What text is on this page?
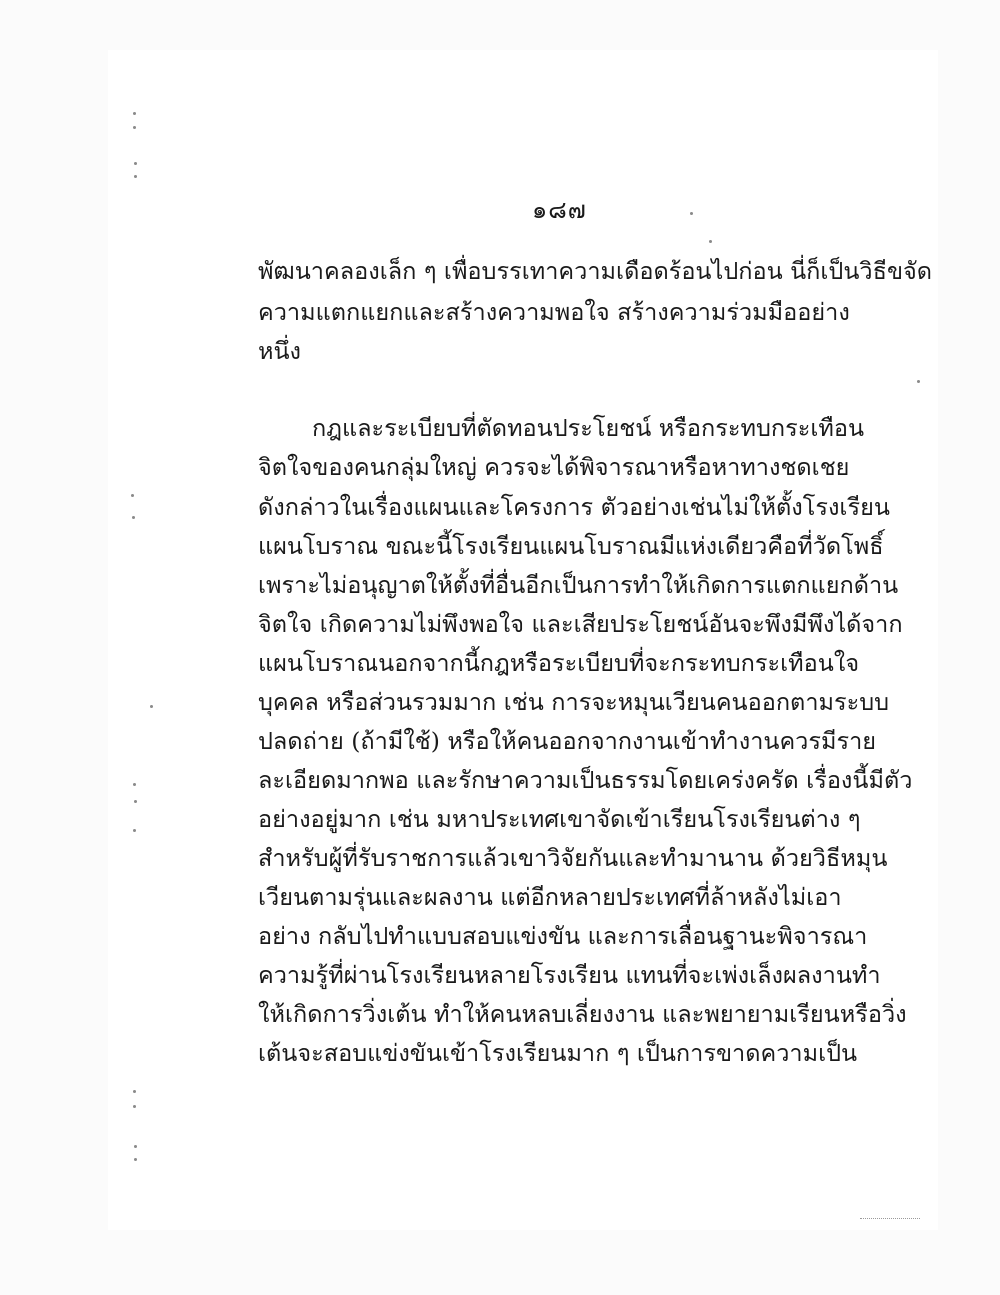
๑๘๗
พัฒนาคลองเล็ก ๆ เพื่อบรรเทาความเดือดร้อนไปก่อน นี่ก็เป็นวิธีขจัด
ความแตกแยกและสร้างความพอใจ สร้างความร่วมมืออย่าง
หนึ่ง
กฎและระเบียบที่ตัดทอนประโยชน์ หรือกระทบกระเทือน
จิตใจของคนกลุ่มใหญ่ ควรจะได้พิจารณาหรือหาทางชดเชย
ดังกล่าวในเรื่องแผนและโครงการ ตัวอย่างเช่นไม่ให้ตั้งโรงเรียน
แผนโบราณ ขณะนี้โรงเรียนแผนโบราณมีแห่งเดียวคือที่วัดโพธิ์
เพราะไม่อนุญาตให้ตั้งที่อื่นอีกเป็นการทำให้เกิดการแตกแยกด้าน
จิตใจ เกิดความไม่พึงพอใจ และเสียประโยชน์อันจะพึงมีพึงได้จาก
แผนโบราณนอกจากนี้กฎหรือระเบียบที่จะกระทบกระเทือนใจ
บุคคล หรือส่วนรวมมาก เช่น การจะหมุนเวียนคนออกตามระบบ
ปลดถ่าย (ถ้ามีใช้) หรือให้คนออกจากงานเข้าทำงานควรมีราย
ละเอียดมากพอ และรักษาความเป็นธรรมโดยเคร่งครัด เรื่องนี้มีตัว
อย่างอยู่มาก เช่น มหาประเทศเขาจัดเข้าเรียนโรงเรียนต่าง ๆ
สำหรับผู้ที่รับราชการแล้วเขาวิจัยกันและทำมานาน ด้วยวิธีหมุน
เวียนตามรุ่นและผลงาน แต่อีกหลายประเทศที่ล้าหลังไม่เอา
อย่าง กลับไปทำแบบสอบแข่งขัน และการเลื่อนฐานะพิจารณา
ความรู้ที่ผ่านโรงเรียนหลายโรงเรียน แทนที่จะเพ่งเล็งผลงานทำ
ให้เกิดการวิ่งเต้น ทำให้คนหลบเลี่ยงงาน และพยายามเรียนหรือวิ่ง
เต้นจะสอบแข่งขันเข้าโรงเรียนมาก ๆ เป็นการขาดความเป็น
